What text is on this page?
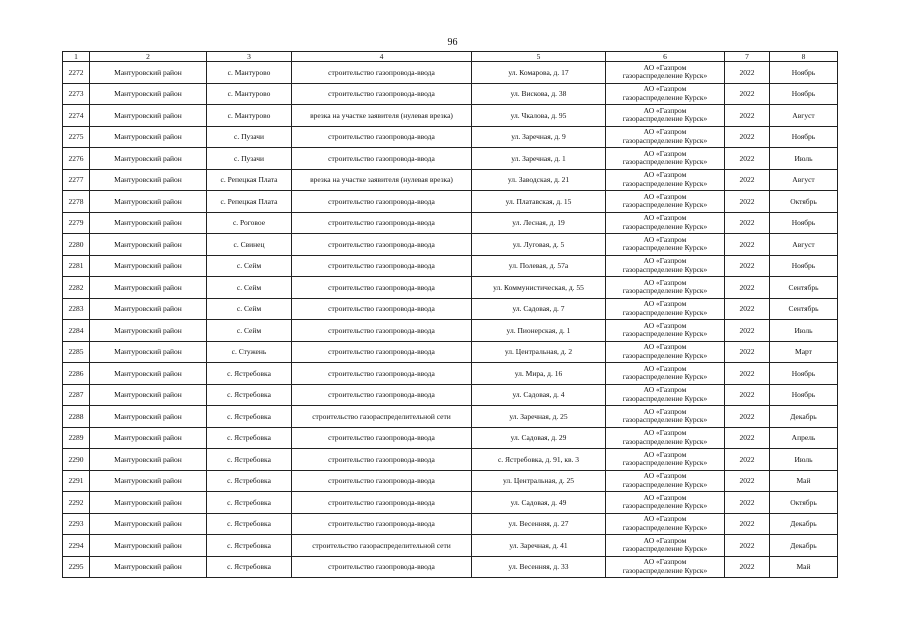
96
1	2	3	4	5	6	7	8
2272	Мантуровский район	с. Мантурово	строительство газопровода-ввода	ул. Комарова, д. 17	АО «Газпром
газораспределение Курск»	2022	Ноябрь
2273	Мантуровский район	с. Мантурово	строительство газопровода-ввода	ул. Вискова, д. 38	АО «Газпром
газораспределение Курск»	2022	Ноябрь
2274	Мантуровский район	с. Мантурово	врезка на участке заявителя (нулевая врезка)	ул. Чкалова, д. 95	АО «Газпром
газораспределение Курск»	2022	Август
2275	Мантуровский район	с. Пузачи	строительство газопровода-ввода	ул. Заречная, д. 9	АО «Газпром
газораспределение Курск»	2022	Ноябрь
2276	Мантуровский район	с. Пузачи	строительство газопровода-ввода	ул. Заречная, д. 1	АО «Газпром
газораспределение Курск»	2022	Июль
2277	Мантуровский район	с. Репецкая Плата	врезка на участке заявителя (нулевая врезка)	ул. Заводская, д. 21	АО «Газпром
газораспределение Курск»	2022	Август
2278	Мантуровский район	с. Репецкая Плата	строительство газопровода-ввода	ул. Платавская, д. 15	АО «Газпром
газораспределение Курск»	2022	Октябрь
2279	Мантуровский район	с. Роговое	строительство газопровода-ввода	ул. Лесная, д. 19	АО «Газпром
газораспределение Курск»	2022	Ноябрь
2280	Мантуровский район	с. Свинец	строительство газопровода-ввода	ул. Луговая, д. 5	АО «Газпром
газораспределение Курск»	2022	Август
2281	Мантуровский район	с. Сейм	строительство газопровода-ввода	ул. Полевая, д. 57а	АО «Газпром
газораспределение Курск»	2022	Ноябрь
2282	Мантуровский район	с. Сейм	строительство газопровода-ввода	ул. Коммунистическая, д. 55	АО «Газпром
газораспределение Курск»	2022	Сентябрь
2283	Мантуровский район	с. Сейм	строительство газопровода-ввода	ул. Садовая, д. 7	АО «Газпром
газораспределение Курск»	2022	Сентябрь
2284	Мантуровский район	с. Сейм	строительство газопровода-ввода	ул. Пионерская, д. 1	АО «Газпром
газораспределение Курск»	2022	Июль
2285	Мантуровский район	с. Стужень	строительство газопровода-ввода	ул. Центральная, д. 2	АО «Газпром
газораспределение Курск»	2022	Март
2286	Мантуровский район	с. Ястребовка	строительство газопровода-ввода	ул. Мира, д. 16	АО «Газпром
газораспределение Курск»	2022	Ноябрь
2287	Мантуровский район	с. Ястребовка	строительство газопровода-ввода	ул. Садовая, д. 4	АО «Газпром
газораспределение Курск»	2022	Ноябрь
2288	Мантуровский район	с. Ястребовка	строительство газораспределительной сети	ул. Заречная, д. 25	АО «Газпром
газораспределение Курск»	2022	Декабрь
2289	Мантуровский район	с. Ястребовка	строительство газопровода-ввода	ул. Садовая, д. 29	АО «Газпром
газораспределение Курск»	2022	Апрель
2290	Мантуровский район	с. Ястребовка	строительство газопровода-ввода	с. Ястребовка, д. 91, кв. 3	АО «Газпром
газораспределение Курск»	2022	Июль
2291	Мантуровский район	с. Ястребовка	строительство газопровода-ввода	ул. Центральная, д. 25	АО «Газпром
газораспределение Курск»	2022	Май
2292	Мантуровский район	с. Ястребовка	строительство газопровода-ввода	ул. Садовая, д. 49	АО «Газпром
газораспределение Курск»	2022	Октябрь
2293	Мантуровский район	с. Ястребовка	строительство газопровода-ввода	ул. Весенняя, д. 27	АО «Газпром
газораспределение Курск»	2022	Декабрь
2294	Мантуровский район	с. Ястребовка	строительство газораспределительной сети	ул. Заречная, д. 41	АО «Газпром
газораспределение Курск»	2022	Декабрь
2295	Мантуровский район	с. Ястребовка	строительство газопровода-ввода	ул. Весенняя, д. 33	АО «Газпром
газораспределение Курск»	2022	Май
